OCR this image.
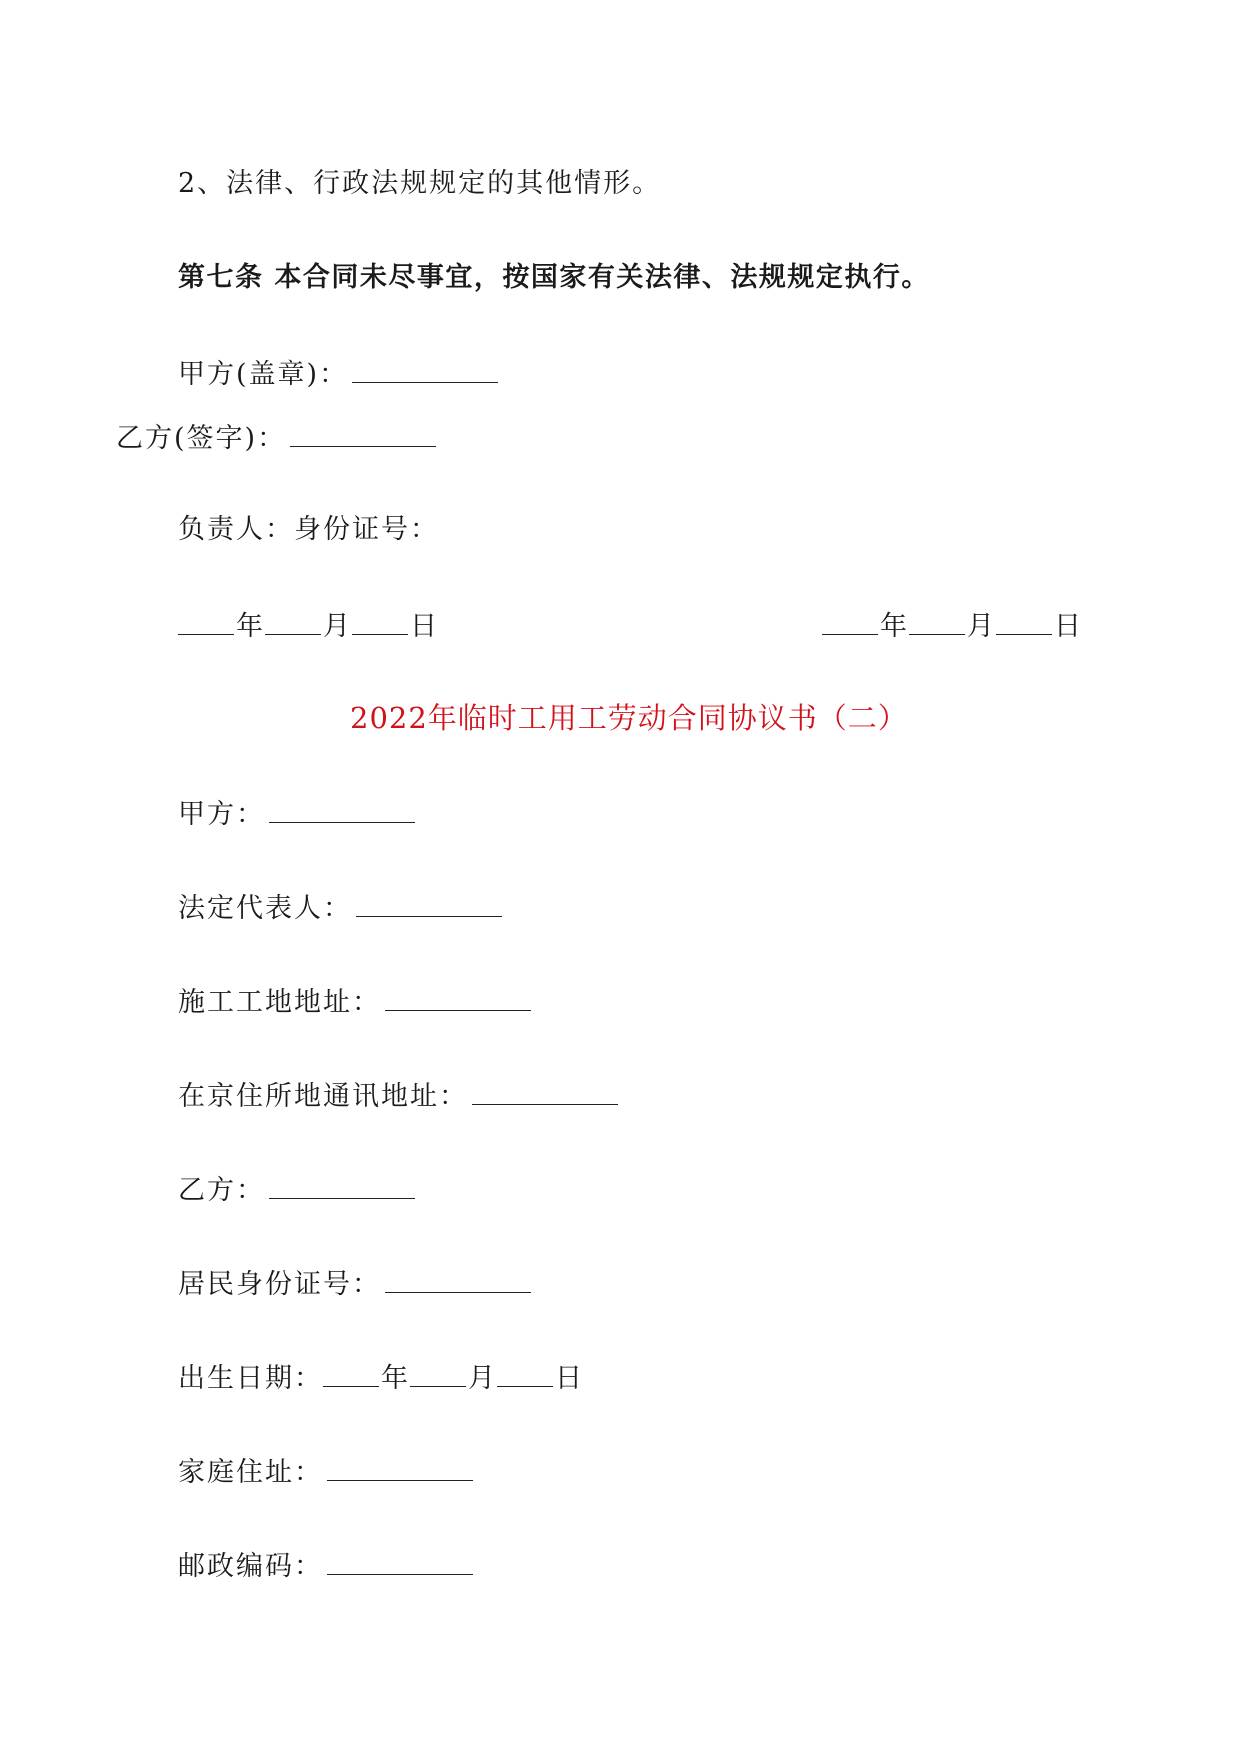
2、法律、行政法规规定的其他情形。
第七条 本合同未尽事宜，按国家有关法律、法规规定执行。
甲方(盖章)：
乙方(签字)：
负责人：身份证号：
年 月 日	年 月 日
2022年临时工用工劳动合同协议书（二）
甲方：
法定代表人：
施工工地地址：
在京住所地通讯地址：
乙方：
居民身份证号：
出生日期： 年 月 日
家庭住址：
邮政编码：
